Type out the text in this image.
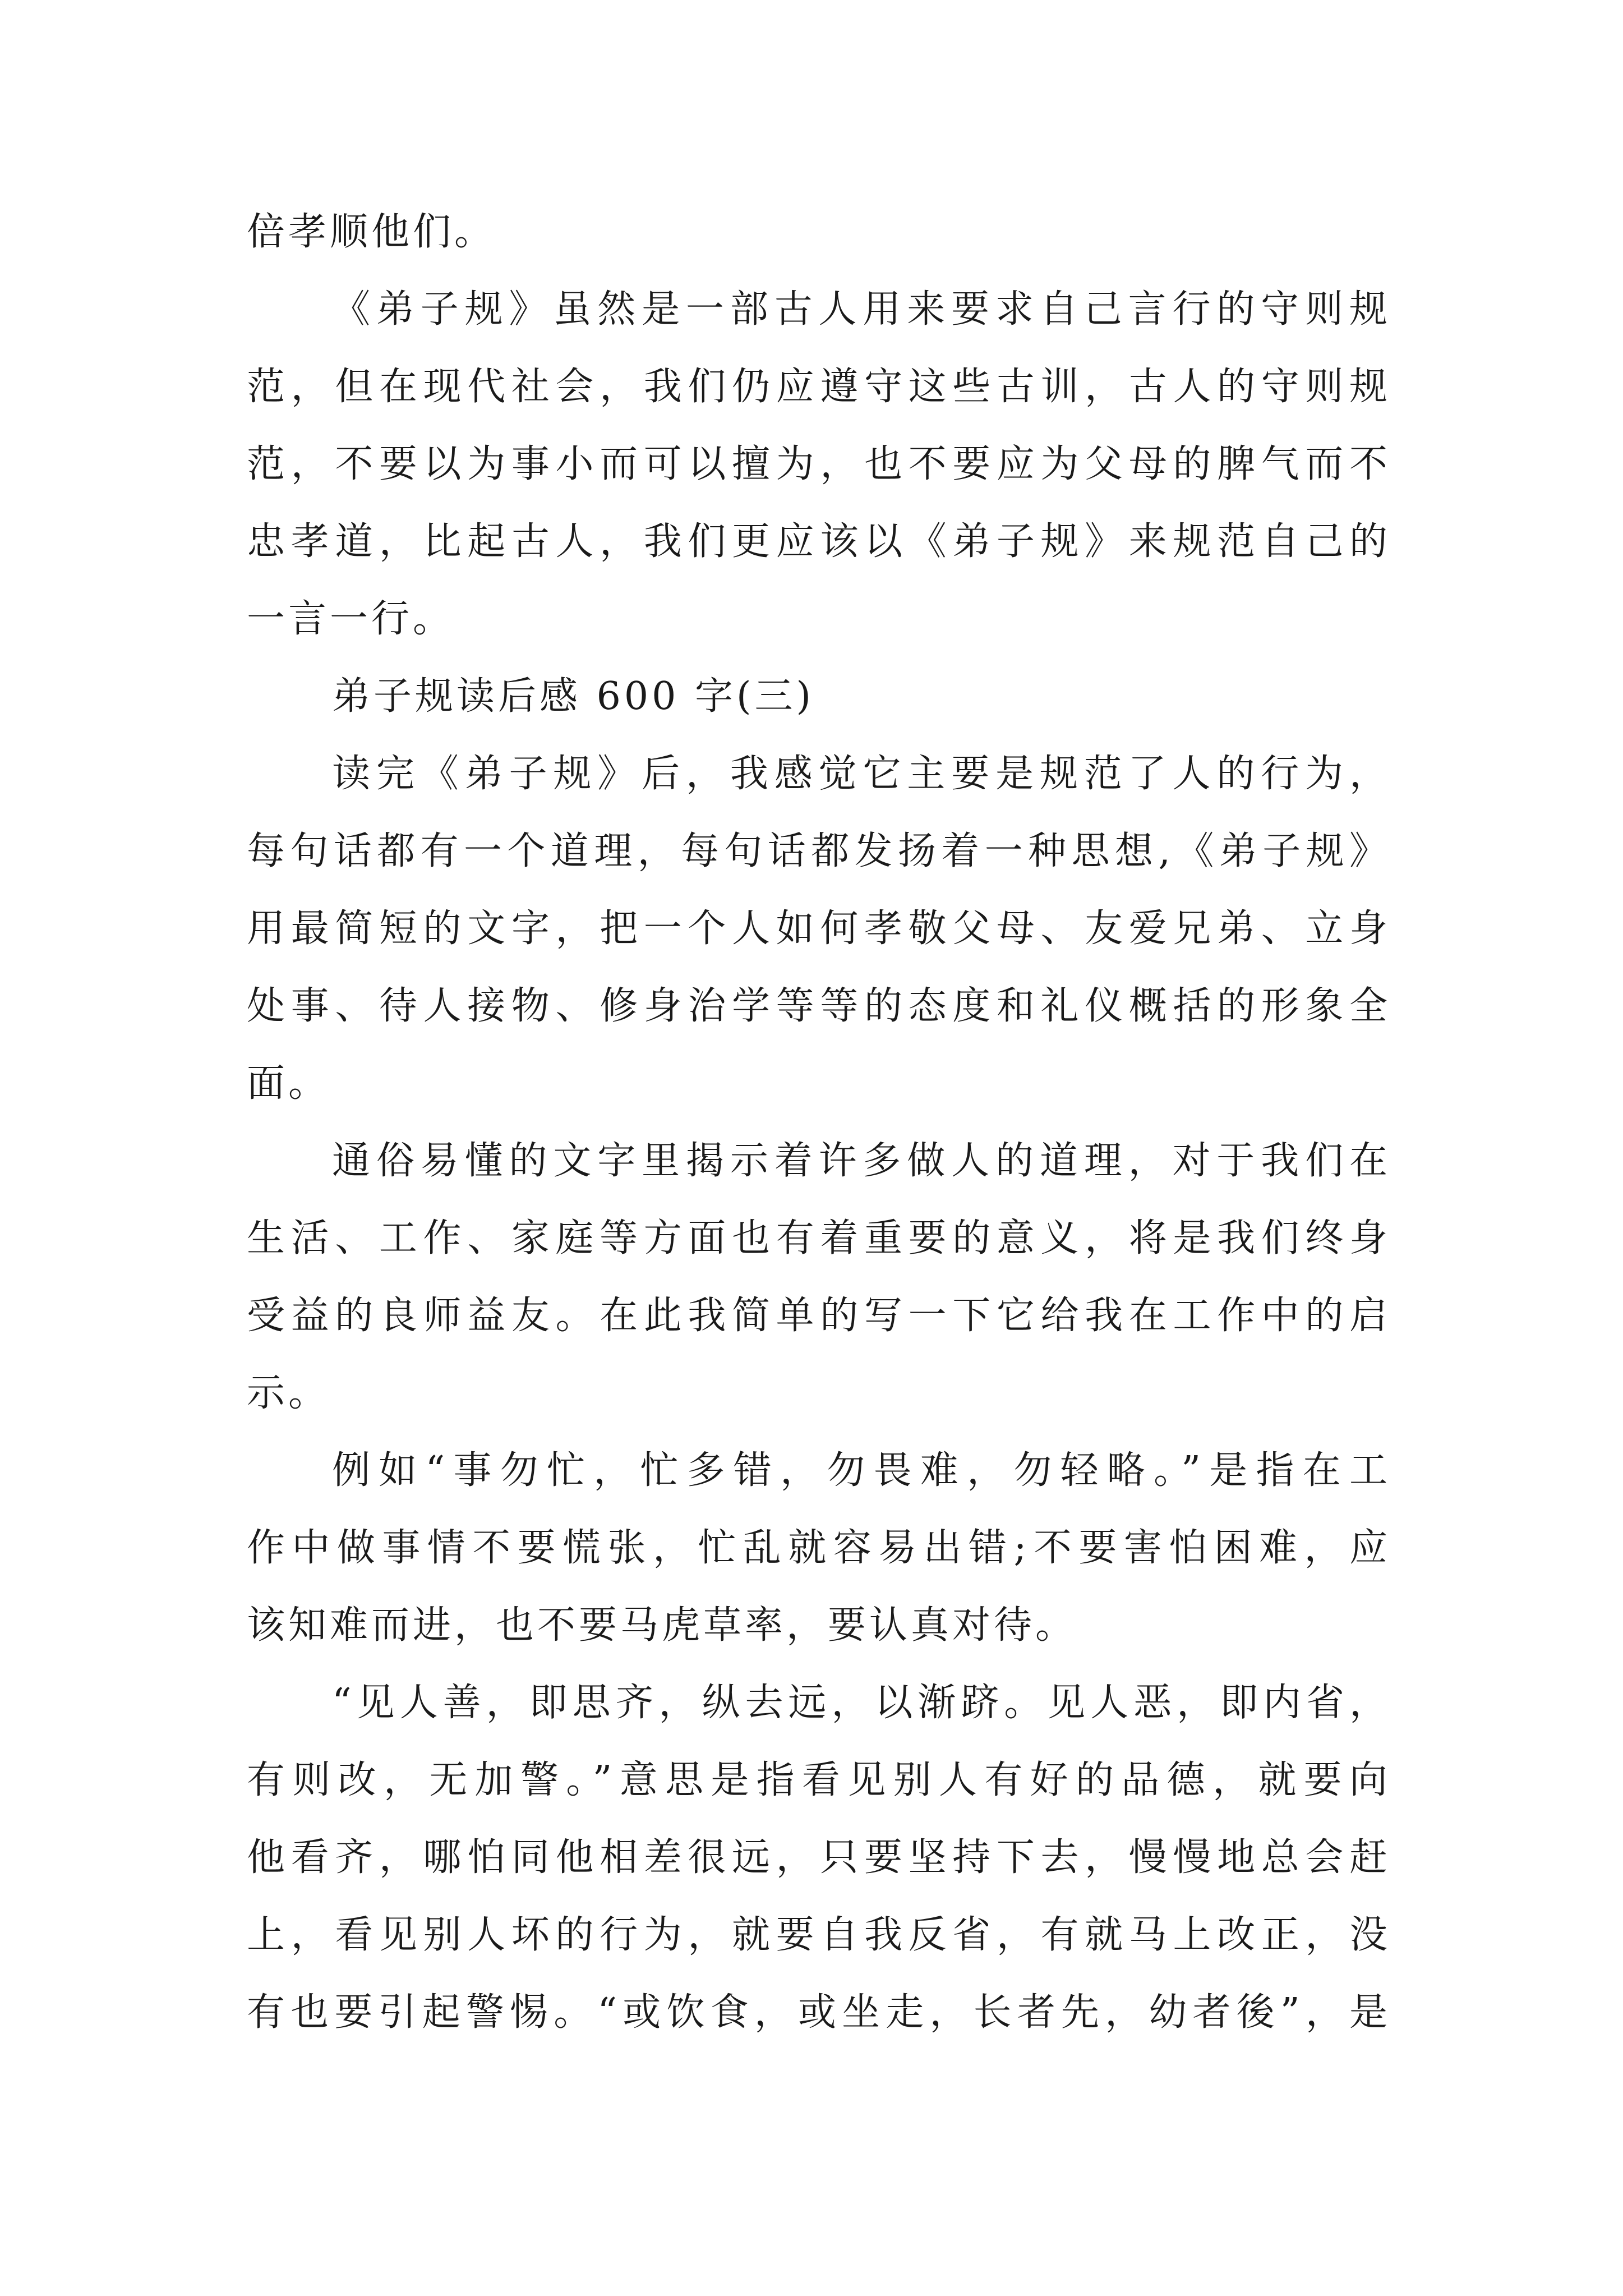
倍孝顺他们。
《弟子规》虽然是一部古人用来要求自己言行的守则规
范，但在现代社会，我们仍应遵守这些古训，古人的守则规
范，不要以为事小而可以擅为，也不要应为父母的脾气而不
忠孝道，比起古人，我们更应该以《弟子规》来规范自己的
一言一行。
弟子规读后感 600 字(三)
读完《弟子规》后，我感觉它主要是规范了人的行为，
每句话都有一个道理，每句话都发扬着一种思想,《弟子规》
用最简短的文字，把一个人如何孝敬父母、友爱兄弟、立身
处事、待人接物、修身治学等等的态度和礼仪概括的形象全
面。
通俗易懂的文字里揭示着许多做人的道理，对于我们在
生活、工作、家庭等方面也有着重要的意义，将是我们终身
受益的良师益友。在此我简单的写一下它给我在工作中的启
示。
例如“事勿忙，忙多错，勿畏难，勿轻略。”是指在工
作中做事情不要慌张，忙乱就容易出错;不要害怕困难，应
该知难而进，也不要马虎草率，要认真对待。
“见人善，即思齐，纵去远，以渐跻。见人恶，即内省，
有则改，无加警。”意思是指看见别人有好的品德，就要向
他看齐，哪怕同他相差很远，只要坚持下去，慢慢地总会赶
上，看见别人坏的行为，就要自我反省，有就马上改正，没
有也要引起警惕。“或饮食，或坐走，长者先，幼者後”，是
